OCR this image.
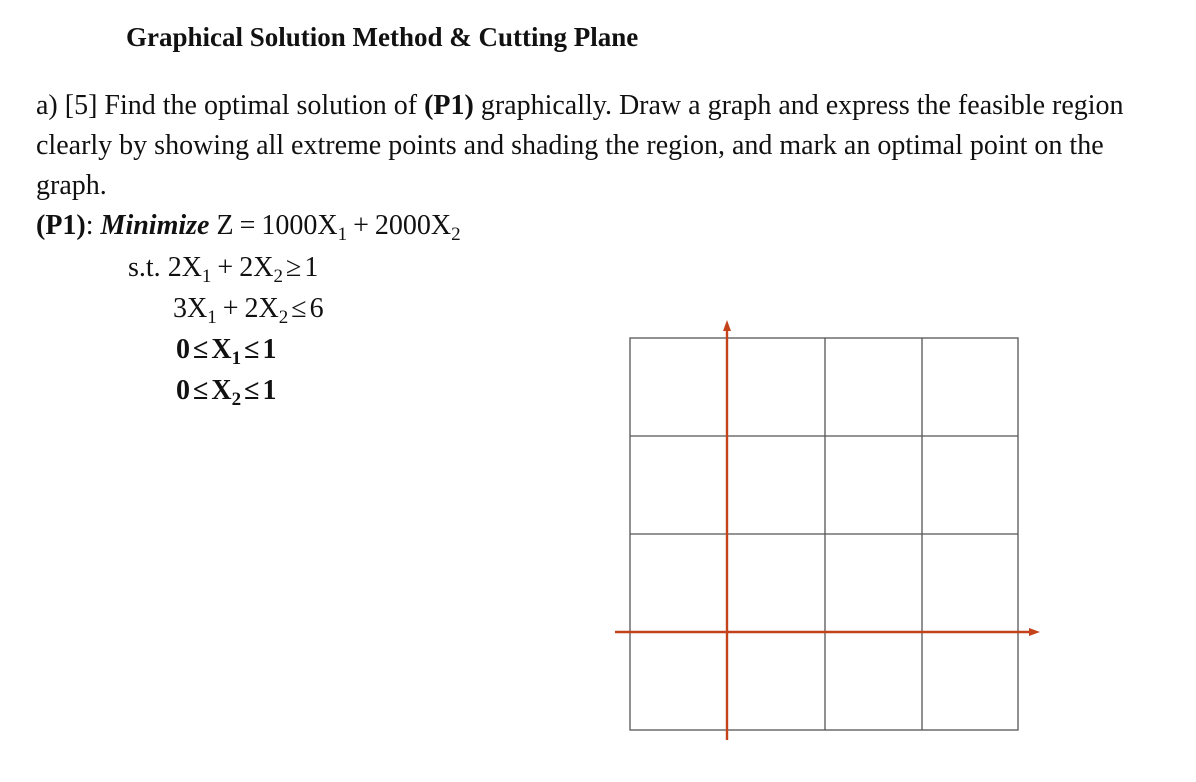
Graphical Solution Method & Cutting Plane
a) [5] Find the optimal solution of (P1) graphically. Draw a graph and express the feasible region clearly by showing all extreme points and shading the region, and mark an optimal point on the graph.
(P1): Minimize $Z = 1000X_1 + 2000X_2$
s.t. $2X_1 + 2X_2 \ge 1$
$3X_1 + 2X_2 \le 6$
$0 \le X_1 \le 1$
$0 \le X_2 \le 1$
